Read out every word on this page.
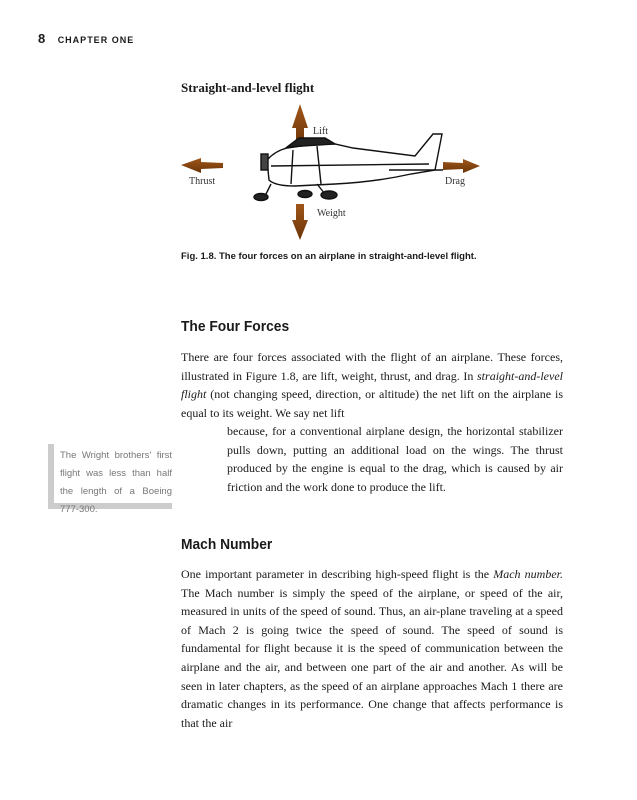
8 CHAPTER ONE
Straight-and-level flight
Lift
Thrust	Drag
Weight
Fig. 1.8. The four forces on an airplane in straight-and-level flight.
The Four Forces

There are four forces associated with the flight of an airplane. These forces, illustrated in Figure 1.8, are lift, weight, thrust, and drag. In straight-and-level flight (not changing speed, direction, or altitude) the net lift on the airplane is equal to its weight. We say net lift

because, for a conventional airplane design, the horizontal stabilizer pulls down, putting an additional load on the wings. The thrust produced by the engine is equal to the drag, which is caused by air friction and the work done to produce the lift.

The Wright brothers' first flight was less than half the length of a Boeing 777-300.
Mach Number

One important parameter in describing high-speed flight is the Mach number. The Mach number is simply the speed of the airplane, or speed of the air, measured in units of the speed of sound. Thus, an air-plane traveling at a speed of Mach 2 is going twice the speed of sound. The speed of sound is fundamental for flight because it is the speed of communication between the airplane and the air, and between one part of the air and another. As will be seen in later chapters, as the speed of an airplane approaches Mach 1 there are dramatic changes in its performance. One change that affects performance is that the air
